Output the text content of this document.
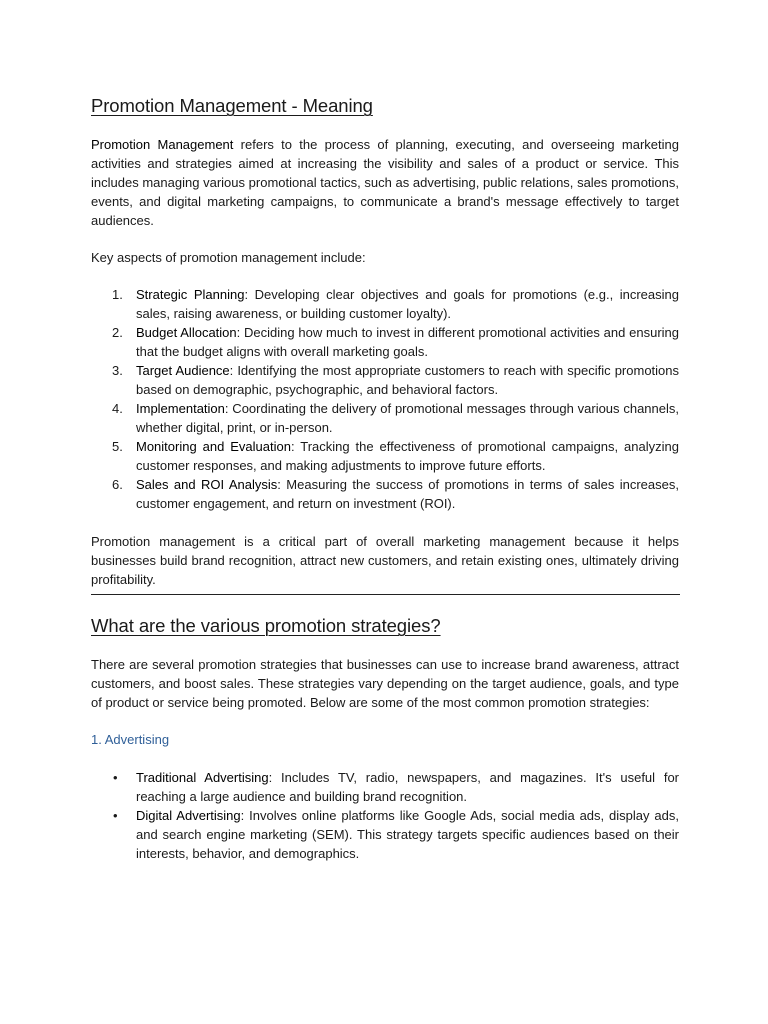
Promotion Management - Meaning

Promotion Management refers to the process of planning, executing, and overseeing marketing activities and strategies aimed at increasing the visibility and sales of a product or service. This includes managing various promotional tactics, such as advertising, public relations, sales promotions, events, and digital marketing campaigns, to communicate a brand's message effectively to target audiences.

Key aspects of promotion management include:

1. Strategic Planning: Developing clear objectives and goals for promotions (e.g., increasing sales, raising awareness, or building customer loyalty).
2. Budget Allocation: Deciding how much to invest in different promotional activities and ensuring that the budget aligns with overall marketing goals.
3. Target Audience: Identifying the most appropriate customers to reach with specific promotions based on demographic, psychographic, and behavioral factors.
4. Implementation: Coordinating the delivery of promotional messages through various channels, whether digital, print, or in-person.
5. Monitoring and Evaluation: Tracking the effectiveness of promotional campaigns, analyzing customer responses, and making adjustments to improve future efforts.
6. Sales and ROI Analysis: Measuring the success of promotions in terms of sales increases, customer engagement, and return on investment (ROI).

Promotion management is a critical part of overall marketing management because it helps businesses build brand recognition, attract new customers, and retain existing ones, ultimately driving profitability.

What are the various promotion strategies?

There are several promotion strategies that businesses can use to increase brand awareness, attract customers, and boost sales. These strategies vary depending on the target audience, goals, and type of product or service being promoted. Below are some of the most common promotion strategies:

1. Advertising

• Traditional Advertising: Includes TV, radio, newspapers, and magazines. It's useful for reaching a large audience and building brand recognition.
• Digital Advertising: Involves online platforms like Google Ads, social media ads, display ads, and search engine marketing (SEM). This strategy targets specific audiences based on their interests, behavior, and demographics.
